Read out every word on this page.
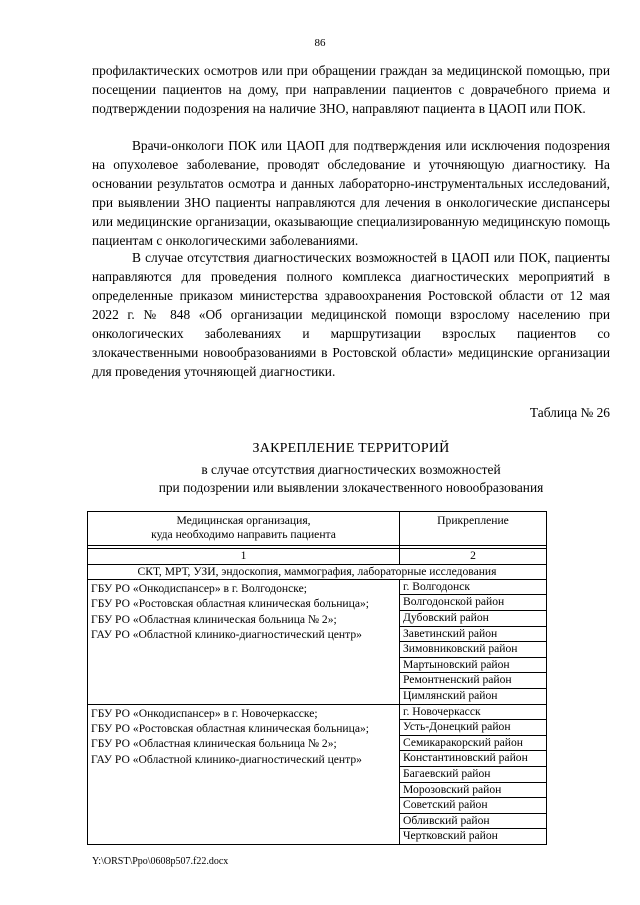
86

профилактических осмотров или при обращении граждан за медицинской помощью, при посещении пациентов на дому, при направлении пациентов с доврачебного приема и подтверждении подозрения на наличие ЗНО, направляют пациента в ЦАОП или ПОК.

Врачи-онкологи ПОК или ЦАОП для подтверждения или исключения подозрения на опухолевое заболевание, проводят обследование и уточняющую диагностику. На основании результатов осмотра и данных лабораторно-инструментальных исследований, при выявлении ЗНО пациенты направляются для лечения в онкологические диспансеры или медицинские организации, оказывающие специализированную медицинскую помощь пациентам с онкологическими заболеваниями.

В случае отсутствия диагностических возможностей в ЦАОП или ПОК, пациенты направляются для проведения полного комплекса диагностических мероприятий в определенные приказом министерства здравоохранения Ростовской области от 12 мая 2022 г. № 848 «Об организации медицинской помощи взрослому населению при онкологических заболеваниях и маршрутизации взрослых пациентов со злокачественными новообразованиями в Ростовской области» медицинские организации для проведения уточняющей диагностики.

Таблица № 26
ЗАКРЕПЛЕНИЕ ТЕРРИТОРИЙ
в случае отсутствия диагностических возможностей
при подозрении или выявлении злокачественного новообразования
Медицинская организация,
куда необходимо направить пациента	Прикрепление

1	2
СКТ, МРТ, УЗИ, эндоскопия, маммография, лабораторные исследования	

ГБУ РО «Онкодиспансер» в г. Волгодонске;
ГБУ РО «Ростовская областная клиническая больница»;
ГБУ РО «Областная клиническая больница № 2»;
ГАУ РО «Областной клинико-диагностический центр»	г. Волгодонск
	Волгодонской район
	Дубовский район
	Заветинский район
	Зимовниковский район
	Мартыновский район
	Ремонтненский район
	Цимлянский район

ГБУ РО «Онкодиспансер» в г. Новочеркасске;
ГБУ РО «Ростовская областная клиническая больница»;
ГБУ РО «Областная клиническая больница № 2»;
ГАУ РО «Областной клинико-диагностический центр»	г. Новочеркасск
	Усть-Донецкий район
	Семикаракорский район
	Константиновский район
	Багаевский район
	Морозовский район
	Советский район
	Обливский район
	Чертковский район
Y:\ORST\Ppo\0608p507.f22.docx
